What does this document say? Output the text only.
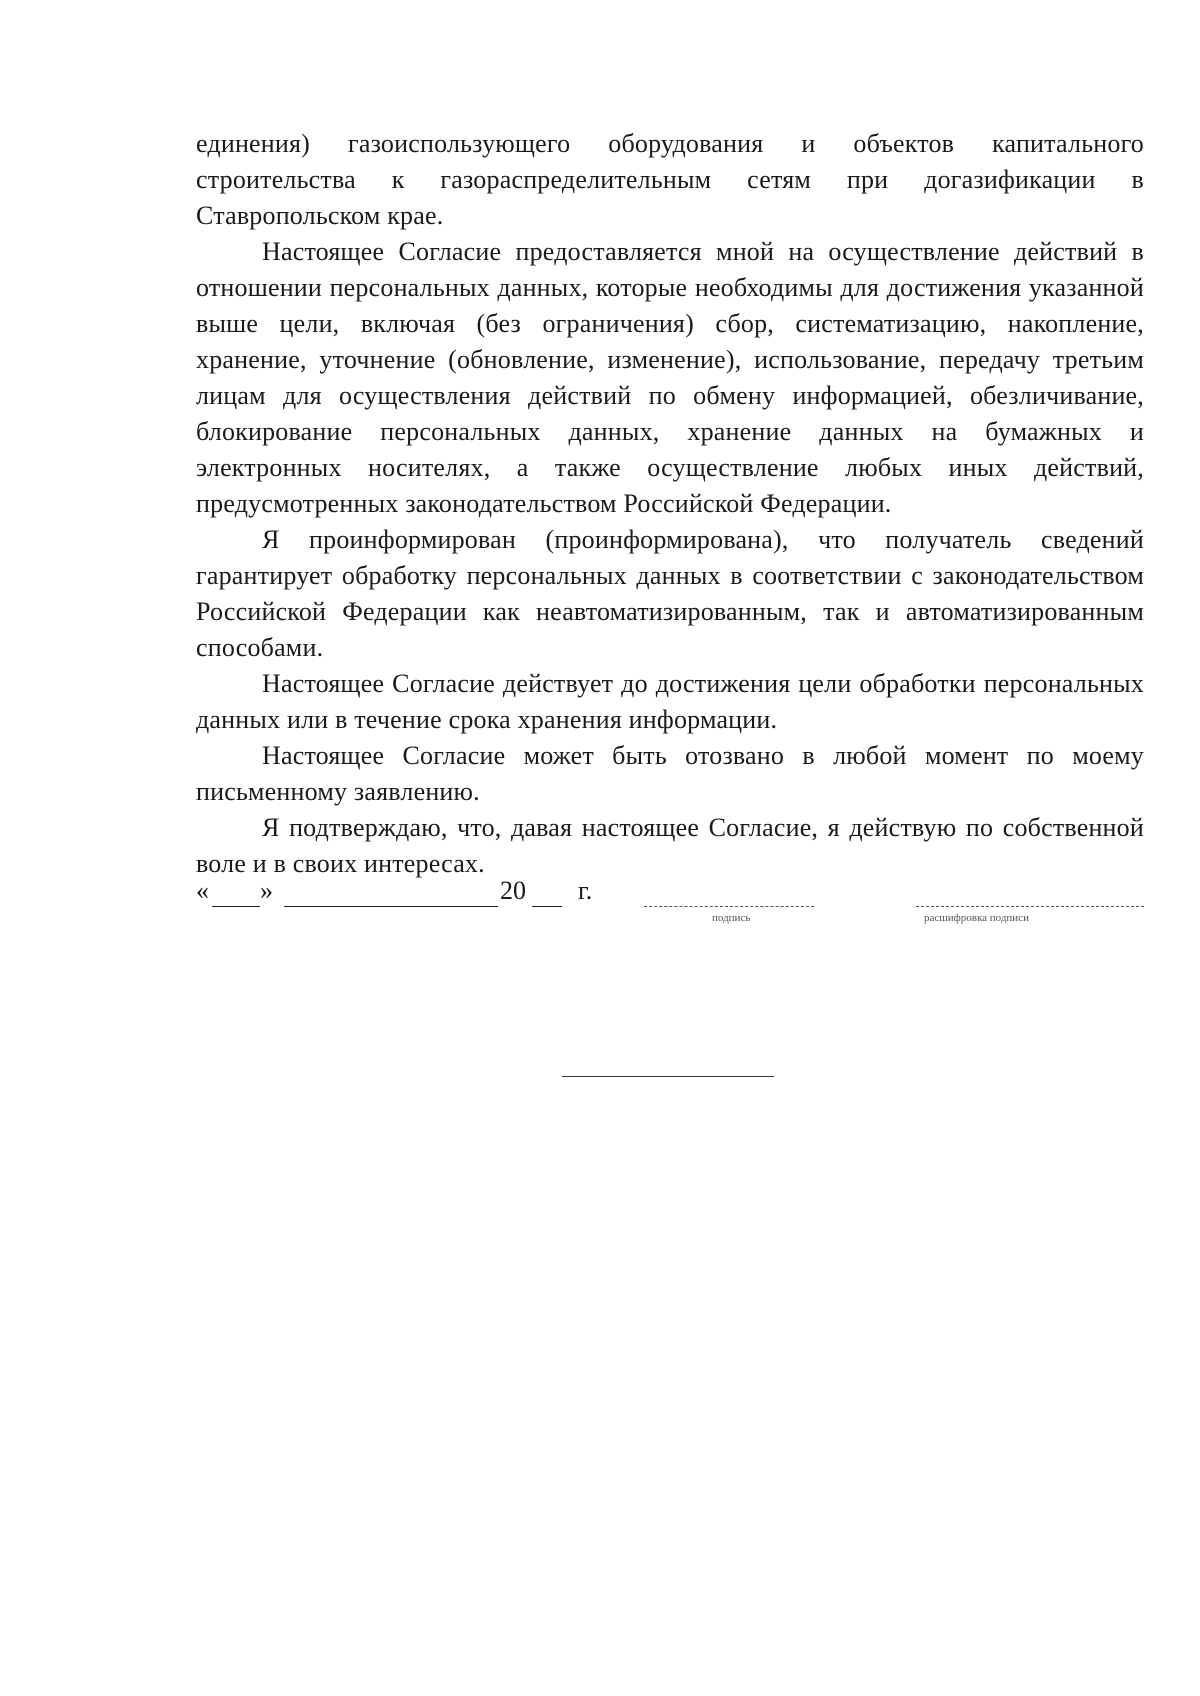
единения) газоиспользующего оборудования и объектов капитального строительства к газораспределительным сетям при догазификации в Ставропольском крае.

Настоящее Согласие предоставляется мной на осуществление действий в отношении персональных данных, которые необходимы для достижения указанной выше цели, включая (без ограничения) сбор, систематизацию, накопление, хранение, уточнение (обновление, изменение), использование, передачу третьим лицам для осуществления действий по обмену информацией, обезличивание, блокирование персональных данных, хранение данных на бумажных и электронных носителях, а также осуществление любых иных действий, предусмотренных законодательством Российской Федерации.

Я проинформирован (проинформирована), что получатель сведений гарантирует обработку персональных данных в соответствии с законодательством Российской Федерации как неавтоматизированным, так и автоматизированным способами.

Настоящее Согласие действует до достижения цели обработки персональных данных или в течение срока хранения информации.

Настоящее Согласие может быть отозвано в любой момент по моему письменному заявлению.

Я подтверждаю, что, давая настоящее Согласие, я действую по собственной воле и в своих интересах.

« »	20 г.
подпись	расшифровка подписи
